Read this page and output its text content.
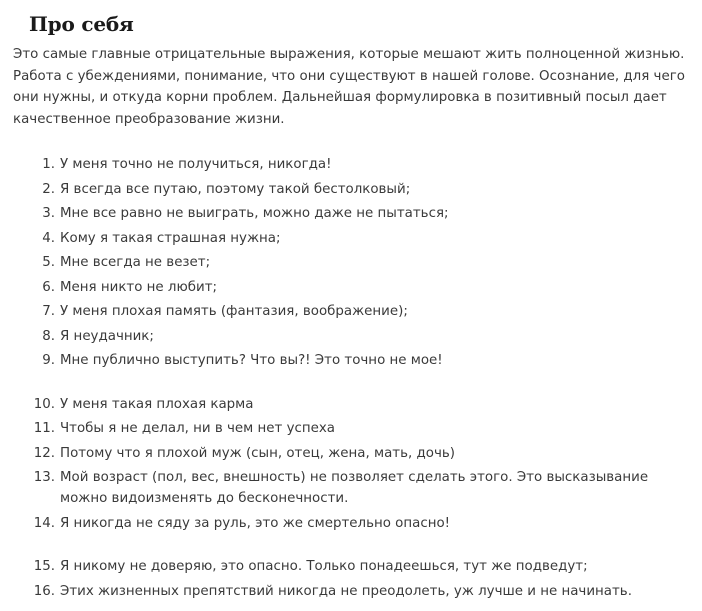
Про себя

Это самые главные отрицательные выражения, которые мешают жить полноценной жизнью. Работа с убеждениями, понимание, что они существуют в нашей голове. Осознание, для чего они нужны, и откуда корни проблем. Дальнейшая формулировка в позитивный посыл дает качественное преобразование жизни.

1. У меня точно не получиться, никогда!
2. Я всегда все путаю, поэтому такой бестолковый;
3. Мне все равно не выиграть, можно даже не пытаться;
4. Кому я такая страшная нужна;
5. Мне всегда не везет;
6. Меня никто не любит;
7. У меня плохая память (фантазия, воображение);
8. Я неудачник;
9. Мне публично выступить? Что вы?! Это точно не мое!
10. У меня такая плохая карма
11. Чтобы я не делал, ни в чем нет успеха
12. Потому что я плохой муж (сын, отец, жена, мать, дочь)
13. Мой возраст (пол, вес, внешность) не позволяет сделать этого. Это высказывание можно видоизменять до бесконечности.
14. Я никогда не сяду за руль, это же смертельно опасно!
15. Я никому не доверяю, это опасно. Только понадеешься, тут же подведут;
16. Этих жизненных препятствий никогда не преодолеть, уж лучше и не начинать.
